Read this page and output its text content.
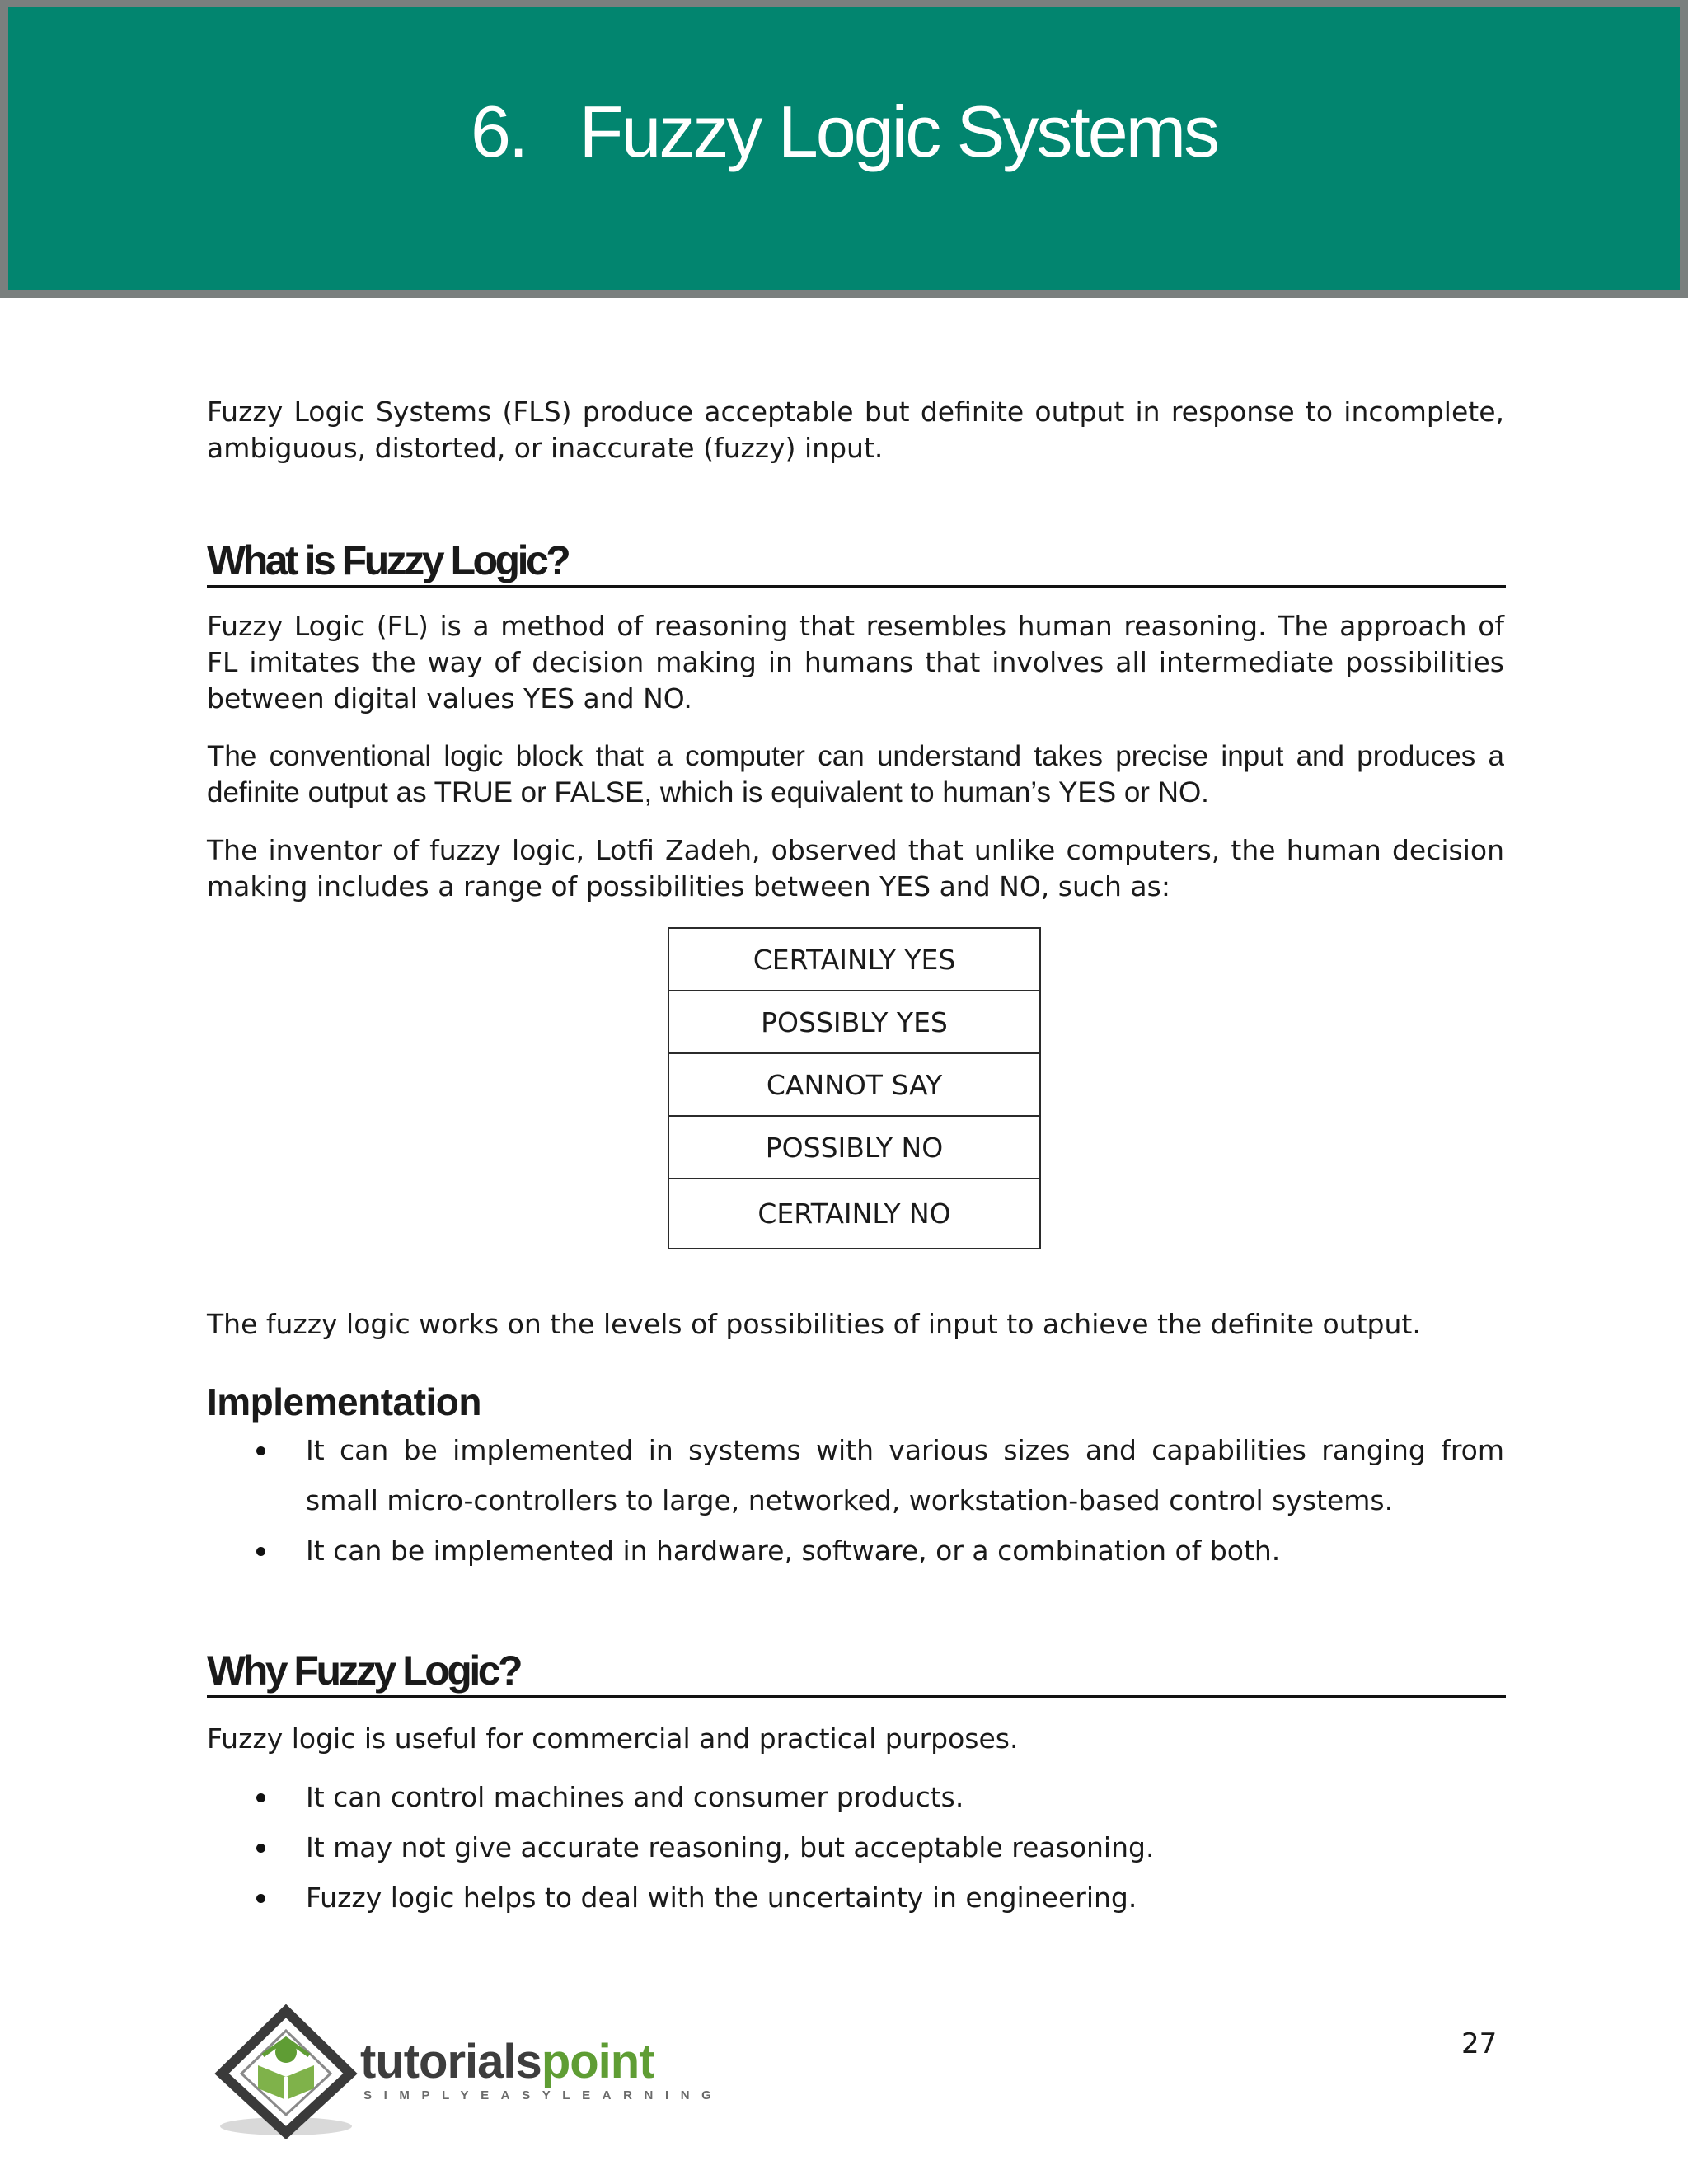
6.   Fuzzy Logic Systems

Fuzzy Logic Systems (FLS) produce acceptable but definite output in response to incomplete, ambiguous, distorted, or inaccurate (fuzzy) input.

What is Fuzzy Logic?

Fuzzy Logic (FL) is a method of reasoning that resembles human reasoning. The approach of FL imitates the way of decision making in humans that involves all intermediate possibilities between digital values YES and NO.

The conventional logic block that a computer can understand takes precise input and produces a definite output as TRUE or FALSE, which is equivalent to human’s YES or NO.

The inventor of fuzzy logic, Lotfi Zadeh, observed that unlike computers, the human decision making includes a range of possibilities between YES and NO, such as:

CERTAINLY YES
POSSIBLY YES
CANNOT SAY
POSSIBLY NO
CERTAINLY NO

The fuzzy logic works on the levels of possibilities of input to achieve the definite output.

Implementation
It can be implemented in systems with various sizes and capabilities ranging from small micro-controllers to large, networked, workstation-based control systems.
It can be implemented in hardware, software, or a combination of both.
Why Fuzzy Logic?

Fuzzy logic is useful for commercial and practical purposes.

It can control machines and consumer products.
It may not give accurate reasoning, but acceptable reasoning.
Fuzzy logic helps to deal with the uncertainty in engineering.
27
tutorialspoint
SIMPLYEASYLEARNING
